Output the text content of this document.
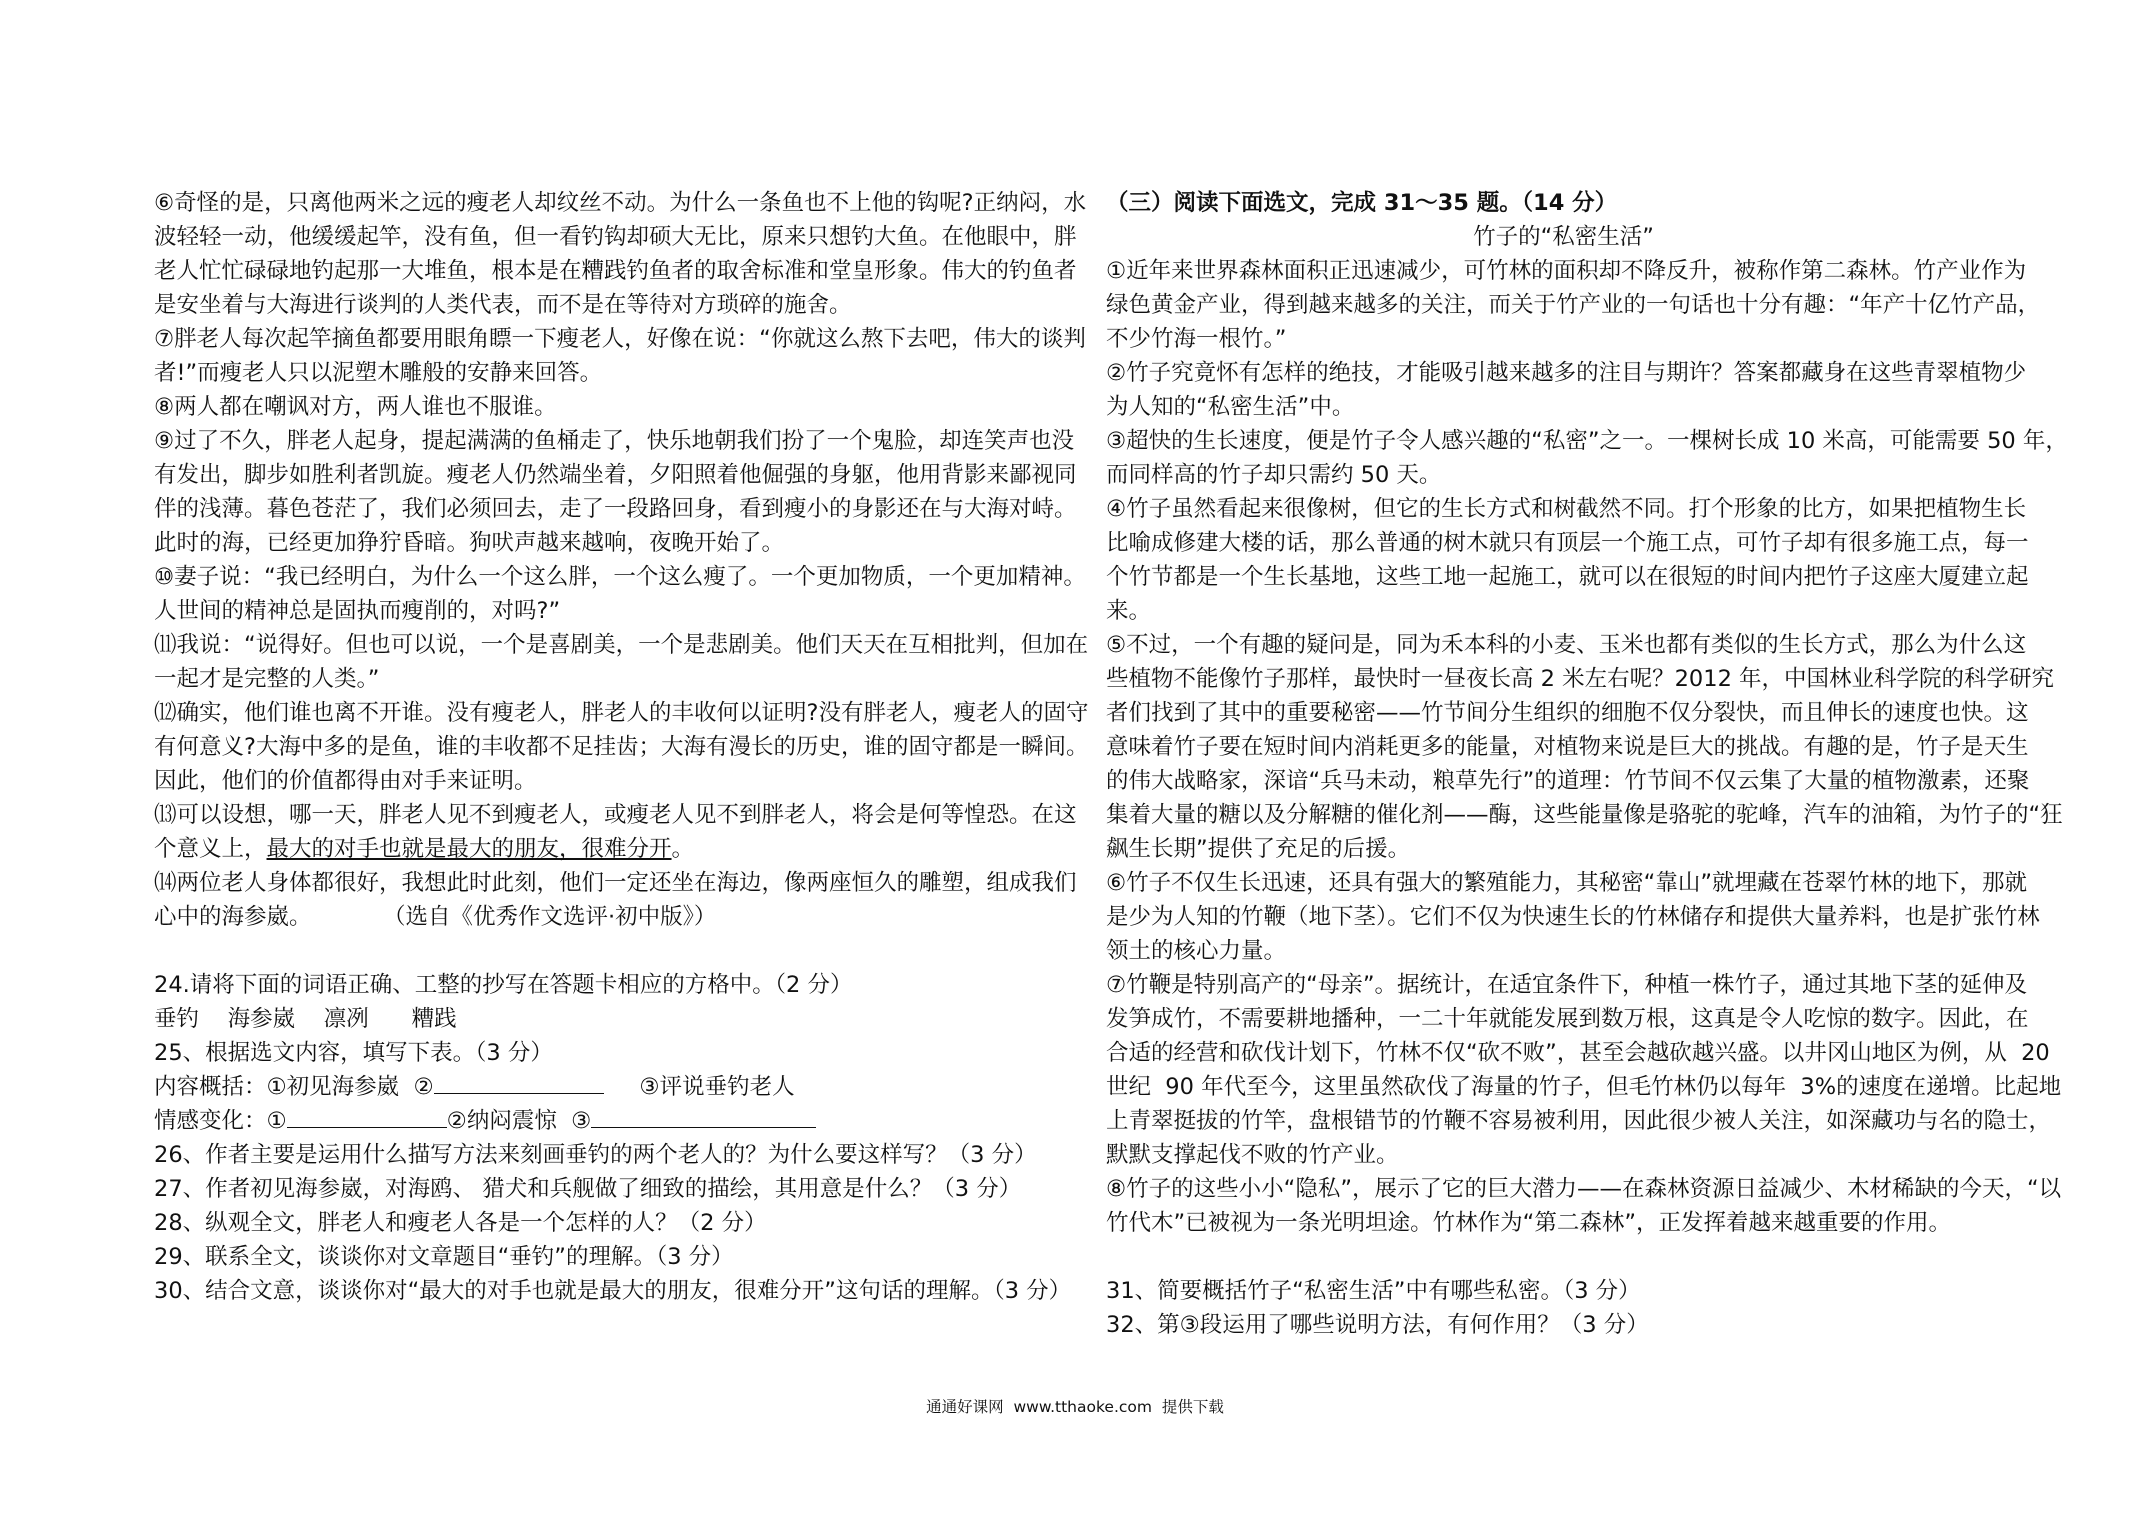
⑥奇怪的是，只离他两米之远的瘦老人却纹丝不动。为什么一条鱼也不上他的钩呢?正纳闷，水
波轻轻一动，他缓缓起竿，没有鱼，但一看钓钩却硕大无比，原来只想钓大鱼。在他眼中，胖
老人忙忙碌碌地钓起那一大堆鱼，根本是在糟践钓鱼者的取舍标准和堂皇形象。伟大的钓鱼者
是安坐着与大海进行谈判的人类代表，而不是在等待对方琐碎的施舍。
⑦胖老人每次起竿摘鱼都要用眼角瞟一下瘦老人，好像在说：“你就这么熬下去吧，伟大的谈判
者!”而瘦老人只以泥塑木雕般的安静来回答。
⑧两人都在嘲讽对方，两人谁也不服谁。
⑨过了不久，胖老人起身，提起满满的鱼桶走了，快乐地朝我们扮了一个鬼脸，却连笑声也没
有发出，脚步如胜利者凯旋。瘦老人仍然端坐着，夕阳照着他倔强的身躯，他用背影来鄙视同
伴的浅薄。暮色苍茫了，我们必须回去，走了一段路回身，看到瘦小的身影还在与大海对峙。
此时的海，已经更加狰狞昏暗。狗吠声越来越响，夜晚开始了。
⑩妻子说：“我已经明白，为什么一个这么胖，一个这么瘦了。一个更加物质，一个更加精神。
人世间的精神总是固执而瘦削的，对吗?”
⑾我说：“说得好。但也可以说，一个是喜剧美，一个是悲剧美。他们天天在互相批判，但加在
一起才是完整的人类。”
⑿确实，他们谁也离不开谁。没有瘦老人，胖老人的丰收何以证明?没有胖老人，瘦老人的固守
有何意义?大海中多的是鱼，谁的丰收都不足挂齿；大海有漫长的历史，谁的固守都是一瞬间。
因此，他们的价值都得由对手来证明。
⒀可以设想，哪一天，胖老人见不到瘦老人，或瘦老人见不到胖老人，将会是何等惶恐。在这
个意义上，最大的对手也就是最大的朋友，很难分开。
⒁两位老人身体都很好，我想此时此刻，他们一定还坐在海边，像两座恒久的雕塑，组成我们
心中的海参崴。          （选自《优秀作文选评·初中版》）
24.请将下面的词语正确、工整的抄写在答题卡相应的方格中。（2 分）
垂钓    海参崴    凛冽      糟践
25、根据选文内容，填写下表。（3 分）
内容概括：①初见海参崴  ②	③评说垂钓老人
情感变化：①	②纳闷震惊  ③
26、作者主要是运用什么描写方法来刻画垂钓的两个老人的？为什么要这样写？（3 分）
27、作者初见海参崴，对海鸥、 猎犬和兵舰做了细致的描绘，其用意是什么？（3 分）
28、纵观全文，胖老人和瘦老人各是一个怎样的人？（2 分）
29、联系全文，谈谈你对文章题目“垂钓”的理解。（3 分）
30、结合文意，谈谈你对“最大的对手也就是最大的朋友，很难分开”这句话的理解。（3 分）
（三）阅读下面选文，完成 31～35 题。（14 分）
竹子的“私密生活”
①近年来世界森林面积正迅速减少，可竹林的面积却不降反升，被称作第二森林。竹产业作为
绿色黄金产业，得到越来越多的关注，而关于竹产业的一句话也十分有趣：“年产十亿竹产品，
不少竹海一根竹。”
②竹子究竟怀有怎样的绝技，才能吸引越来越多的注目与期许？答案都藏身在这些青翠植物少
为人知的“私密生活”中。
③超快的生长速度，便是竹子令人感兴趣的“私密”之一。一棵树长成 10 米高，可能需要 50 年，
而同样高的竹子却只需约 50 天。
④竹子虽然看起来很像树，但它的生长方式和树截然不同。打个形象的比方，如果把植物生长
比喻成修建大楼的话，那么普通的树木就只有顶层一个施工点，可竹子却有很多施工点，每一
个竹节都是一个生长基地，这些工地一起施工，就可以在很短的时间内把竹子这座大厦建立起
来。
⑤不过，一个有趣的疑问是，同为禾本科的小麦、玉米也都有类似的生长方式，那么为什么这
些植物不能像竹子那样，最快时一昼夜长高 2 米左右呢？2012 年，中国林业科学院的科学研究
者们找到了其中的重要秘密——竹节间分生组织的细胞不仅分裂快，而且伸长的速度也快。这
意味着竹子要在短时间内消耗更多的能量，对植物来说是巨大的挑战。有趣的是，竹子是天生
的伟大战略家，深谙“兵马未动，粮草先行”的道理：竹节间不仅云集了大量的植物激素，还聚
集着大量的糖以及分解糖的催化剂——酶，这些能量像是骆驼的驼峰，汽车的油箱，为竹子的“狂
飙生长期”提供了充足的后援。
⑥竹子不仅生长迅速，还具有强大的繁殖能力，其秘密“靠山”就埋藏在苍翠竹林的地下，那就
是少为人知的竹鞭（地下茎）。它们不仅为快速生长的竹林储存和提供大量养料，也是扩张竹林
领土的核心力量。
⑦竹鞭是特别高产的“母亲”。据统计，在适宜条件下，种植一株竹子，通过其地下茎的延伸及
发笋成竹，不需要耕地播种，一二十年就能发展到数万根，这真是令人吃惊的数字。因此，在
合适的经营和砍伐计划下，竹林不仅“砍不败”，甚至会越砍越兴盛。以井冈山地区为例，从  20
世纪  90 年代至今，这里虽然砍伐了海量的竹子，但毛竹林仍以每年  3%的速度在递增。比起地
上青翠挺拔的竹竿，盘根错节的竹鞭不容易被利用，因此很少被人关注，如深藏功与名的隐士，
默默支撑起伐不败的竹产业。
⑧竹子的这些小小“隐私”，展示了它的巨大潜力——在森林资源日益减少、木材稀缺的今天，“以
竹代木”已被视为一条光明坦途。竹林作为“第二森林”，正发挥着越来越重要的作用。
31、简要概括竹子“私密生活”中有哪些私密。（3 分）
32、第③段运用了哪些说明方法，有何作用？（3 分）
通通好课网  www.tthaoke.com  提供下载
